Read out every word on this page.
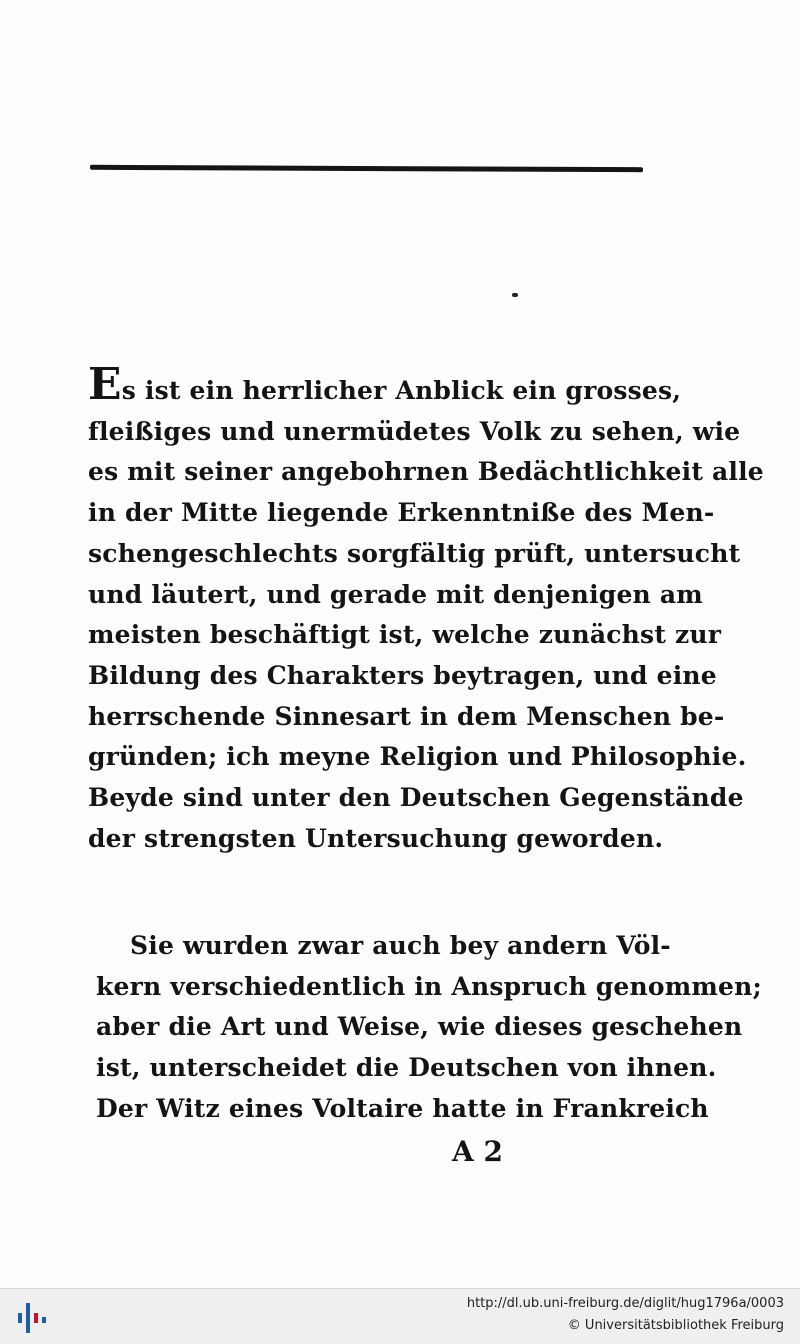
Es ist ein herrlicher Anblick ein grosses,
fleißiges und unermüdetes Volk zu sehen, wie
es mit seiner angebohrnen Bedächtlichkeit alle
in der Mitte liegende Erkenntniße des Men-
schengeschlechts sorgfältig prüft, untersucht
und läutert, und gerade mit denjenigen am
meisten beschäftigt ist, welche zunächst zur
Bildung des Charakters beytragen, und eine
herrschende Sinnesart in dem Menschen be-
gründen; ich meyne Religion und Philosophie.
Beyde sind unter den Deutschen Gegenstände
der strengsten Untersuchung geworden.
Sie wurden zwar auch bey andern Völ-
kern verschiedentlich in Anspruch genommen;
aber die Art und Weise, wie dieses geschehen
ist, unterscheidet die Deutschen von ihnen.
Der Witz eines Voltaire hatte in Frankreich
A 2
http://dl.ub.uni-freiburg.de/diglit/hug1796a/0003
© Universitätsbibliothek Freiburg
